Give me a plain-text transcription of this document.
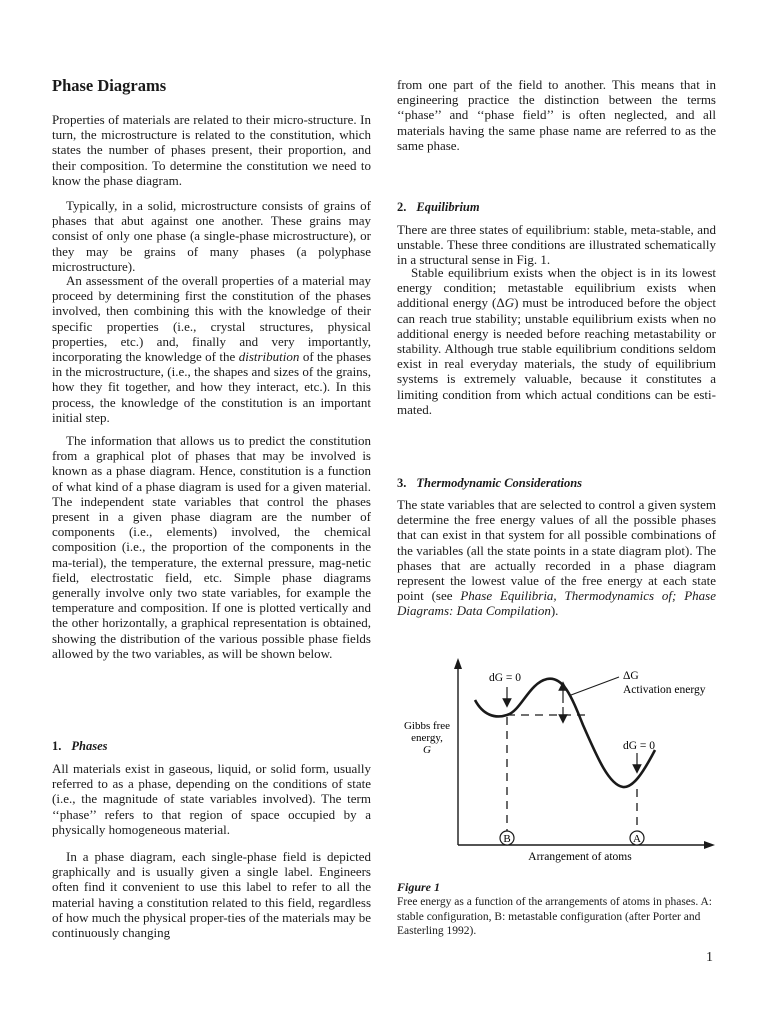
Phase Diagrams

Properties of materials are related to their micro-structure. In turn, the microstructure is related to the constitution, which states the number of phases present, their proportion, and their composition. To determine the constitution we need to know the phase diagram.

Typically, in a solid, microstructure consists of grains of phases that abut against one another. These grains may consist of only one phase (a single-phase microstructure), or they may be grains of many phases (a polyphase microstructure).

An assessment of the overall properties of a material may proceed by determining first the constitution of the phases involved, then combining this with the knowledge of their specific properties (i.e., crystal structures, physical properties, etc.) and, finally and very importantly, incorporating the knowledge of the distribution of the phases in the microstructure, (i.e., the shapes and sizes of the grains, how they fit together, and how they interact, etc.). In this process, the knowledge of the constitution is an important initial step.

The information that allows us to predict the constitution from a graphical plot of phases that may be involved is known as a phase diagram. Hence, constitution is a function of what kind of a phase diagram is used for a given material. The independent state variables that control the phases present in a given phase diagram are the number of components (i.e., elements) involved, the chemical composition (i.e., the proportion of the components in the ma-terial), the temperature, the external pressure, mag-netic field, electrostatic field, etc. Simple phase diagrams generally involve only two state variables, for example the temperature and composition. If one is plotted vertically and the other horizontally, a graphical representation is obtained, showing the distribution of the various possible phase fields allowed by the two variables, as will be shown below.

1. Phases

All materials exist in gaseous, liquid, or solid form, usually referred to as a phase, depending on the conditions of state (i.e., the magnitude of state variables involved). The term ‘‘phase’’ refers to that region of space occupied by a physically homogeneous material.

In a phase diagram, each single-phase field is depicted graphically and is usually given a single label. Engineers often find it convenient to use this label to refer to all the material having a constitution related to this field, regardless of how much the physical proper-ties of the materials may be continuously changing

from one part of the field to another. This means that in engineering practice the distinction between the terms ‘‘phase’’ and ‘‘phase field’’ is often neglected, and all materials having the same phase name are referred to as the same phase.

2. Equilibrium

There are three states of equilibrium: stable, meta-stable, and unstable. These three conditions are illustrated schematically in a structural sense in Fig. 1.

Stable equilibrium exists when the object is in its lowest energy condition; metastable equilibrium exists when additional energy (ΔG) must be introduced before the object can reach true stability; unstable equilibrium exists when no additional energy is needed before reaching metastability or stability. Although true stable equilibrium conditions seldom exist in real everyday materials, the study of equilibrium systems is extremely valuable, because it constitutes a limiting condition from which actual conditions can be esti-mated.

3. Thermodynamic Considerations

The state variables that are selected to control a given system determine the free energy values of all the possible phases that can exist in that system for all possible combinations of the variables (all the state points in a state diagram plot). The phases that are actually recorded in a phase diagram represent the lowest value of the free energy at each state point (see Phase Equilibria, Thermodynamics of; Phase Diagrams: Data Compilation).

dG = 0
dG = 0
ΔG
Activation energy
Gibbs free
energy,
G
B	A
Arrangement of atoms

Figure 1

Free energy as a function of the arrangements of atoms in phases. A: stable configuration, B: metastable configuration (after Porter and Easterling 1992).

1
